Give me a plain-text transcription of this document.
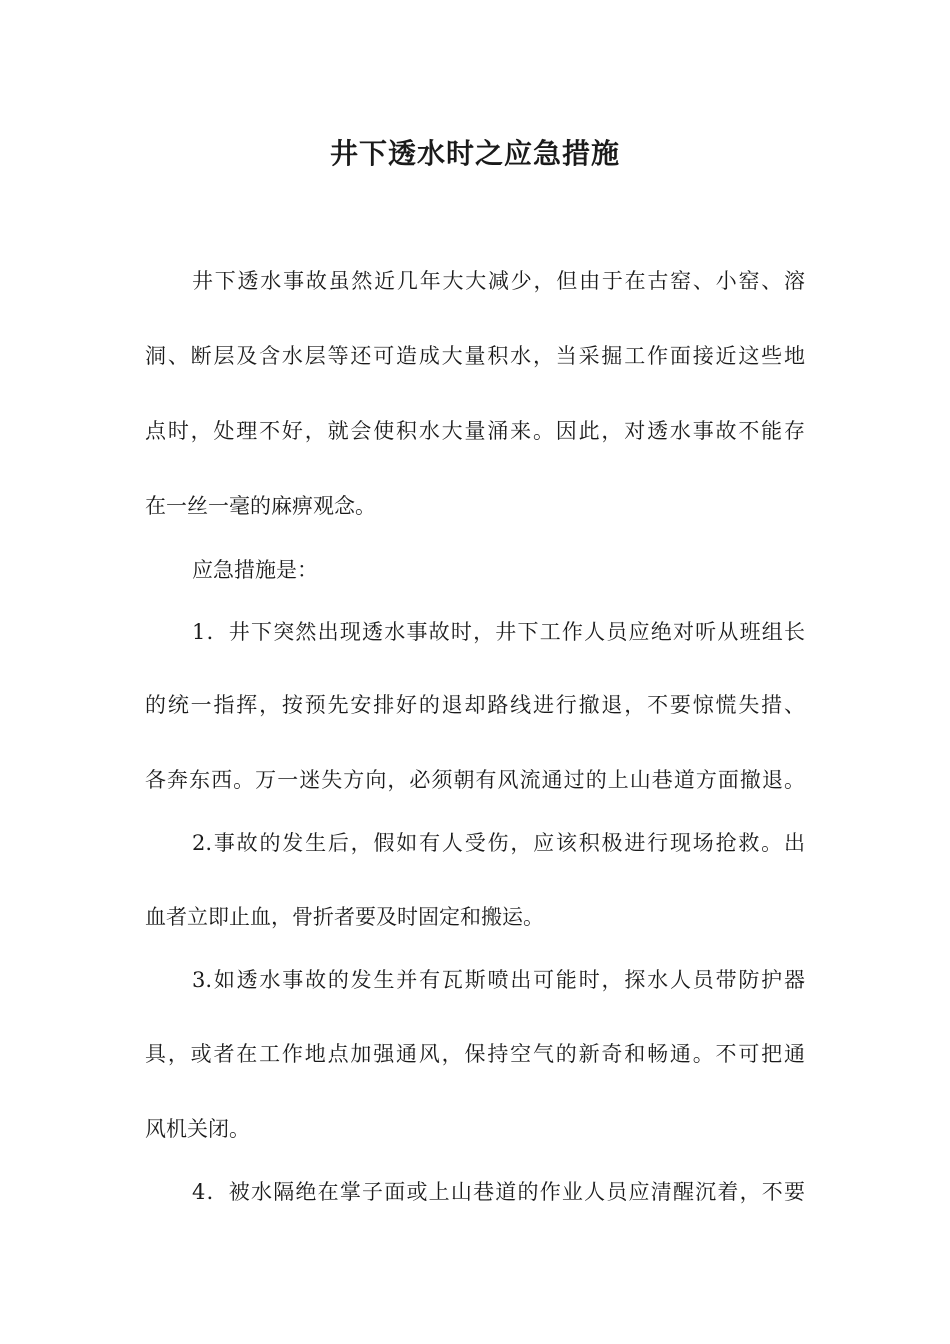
井下透水时之应急措施
井下透水事故虽然近几年大大减少，但由于在古窑、小窑、溶
洞、断层及含水层等还可造成大量积水，当采掘工作面接近这些地
点时，处理不好，就会使积水大量涌来。因此，对透水事故不能存
在一丝一毫的麻痹观念。
应急措施是：
1．井下突然出现透水事故时，井下工作人员应绝对听从班组长
的统一指挥，按预先安排好的退却路线进行撤退，不要惊慌失措、
各奔东西。万一迷失方向，必须朝有风流通过的上山巷道方面撤退。
2.事故的发生后，假如有人受伤，应该积极进行现场抢救。出
血者立即止血，骨折者要及时固定和搬运。
3.如透水事故的发生并有瓦斯喷出可能时，探水人员带防护器
具，或者在工作地点加强通风，保持空气的新奇和畅通。不可把通
风机关闭。
4．被水隔绝在掌子面或上山巷道的作业人员应清醒沉着，不要
